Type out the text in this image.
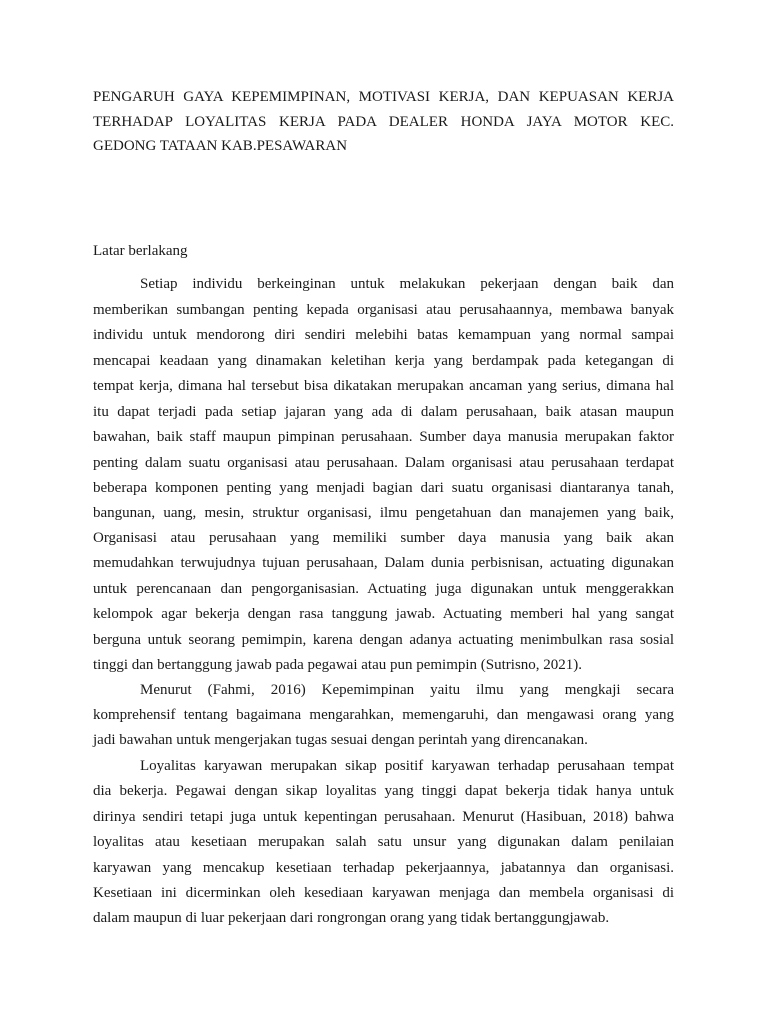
PENGARUH GAYA KEPEMIMPINAN, MOTIVASI KERJA, DAN KEPUASAN KERJA
TERHADAP LOYALITAS KERJA PADA DEALER HONDA JAYA MOTOR KEC.
GEDONG TATAAN KAB.PESAWARAN
Latar berlakang
Setiap individu berkeinginan untuk melakukan pekerjaan dengan baik dan
memberikan sumbangan penting kepada organisasi atau perusahaannya, membawa banyak
individu untuk mendorong diri sendiri melebihi batas kemampuan yang normal sampai
mencapai keadaan yang dinamakan keletihan kerja yang berdampak pada ketegangan di
tempat kerja, dimana hal tersebut bisa dikatakan merupakan ancaman yang serius, dimana hal
itu dapat terjadi pada setiap jajaran yang ada di dalam perusahaan, baik atasan maupun
bawahan, baik staff maupun pimpinan perusahaan. Sumber daya manusia merupakan faktor
penting dalam suatu organisasi atau perusahaan. Dalam organisasi atau perusahaan terdapat
beberapa komponen penting yang menjadi bagian dari suatu organisasi diantaranya tanah,
bangunan, uang, mesin, struktur organisasi, ilmu pengetahuan dan manajemen yang baik,
Organisasi atau perusahaan yang memiliki sumber daya manusia yang baik akan
memudahkan terwujudnya tujuan perusahaan, Dalam dunia perbisnisan, actuating digunakan
untuk perencanaan dan pengorganisasian. Actuating juga digunakan untuk menggerakkan
kelompok agar bekerja dengan rasa tanggung jawab. Actuating memberi hal yang sangat
berguna untuk seorang pemimpin, karena dengan adanya actuating menimbulkan rasa sosial
tinggi dan bertanggung jawab pada pegawai atau pun pemimpin (Sutrisno, 2021).
Menurut (Fahmi, 2016) Kepemimpinan yaitu ilmu yang mengkaji secara
komprehensif tentang bagaimana mengarahkan, memengaruhi, dan mengawasi orang yang
jadi bawahan untuk mengerjakan tugas sesuai dengan perintah yang direncanakan.
Loyalitas karyawan merupakan sikap positif karyawan terhadap perusahaan tempat
dia bekerja. Pegawai dengan sikap loyalitas yang tinggi dapat bekerja tidak hanya untuk
dirinya sendiri tetapi juga untuk kepentingan perusahaan. Menurut (Hasibuan, 2018) bahwa
loyalitas atau kesetiaan merupakan salah satu unsur yang digunakan dalam penilaian
karyawan yang mencakup kesetiaan terhadap pekerjaannya, jabatannya dan organisasi.
Kesetiaan ini dicerminkan oleh kesediaan karyawan menjaga dan membela organisasi di
dalam maupun di luar pekerjaan dari rongrongan orang yang tidak bertanggungjawab.
